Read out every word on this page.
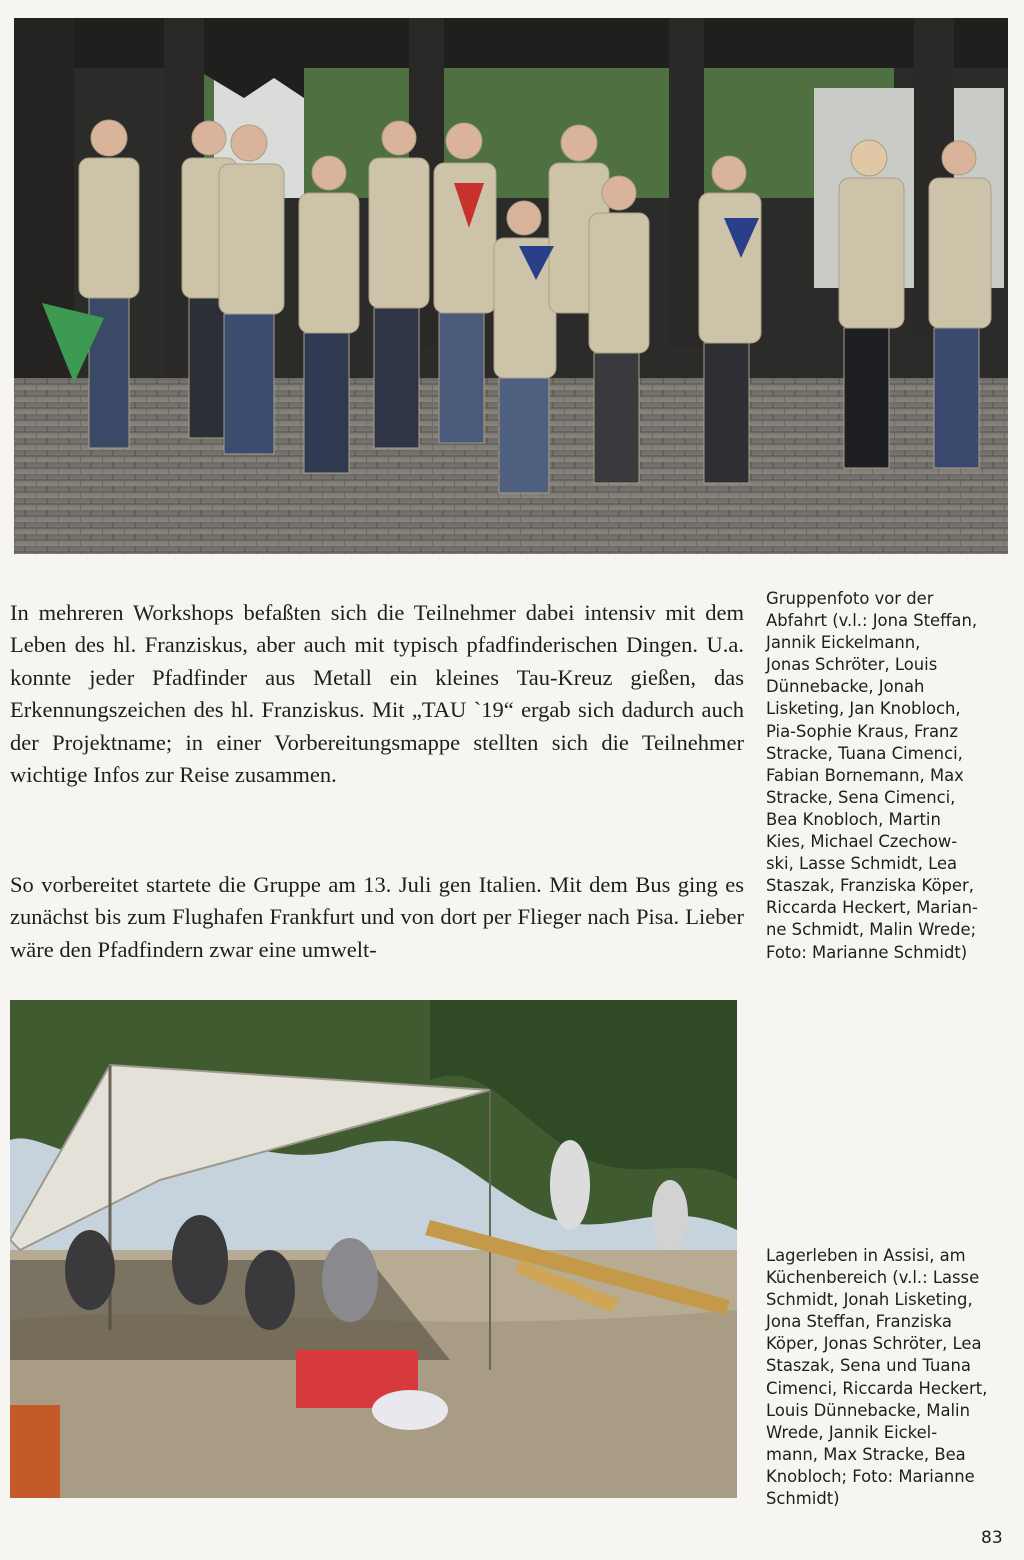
In mehreren Workshops befaßten sich die Teilnehmer dabei intensiv mit dem Leben des hl. Franziskus, aber auch mit typisch pfadfinderischen Dingen. U.a. konnte jeder Pfadfinder aus Metall ein kleines Tau-Kreuz gießen, das Erkennungszeichen des hl. Franziskus. Mit „TAU `19“ ergab sich dadurch auch der Projektname; in einer Vorbereitungsmappe stellten sich die Teilnehmer wichtige Infos zur Reise zusammen.

So vorbereitet startete die Gruppe am 13. Juli gen Italien. Mit dem Bus ging es zunächst bis zum Flughafen Frankfurt und von dort per Flieger nach Pisa. Lieber wäre den Pfadfindern zwar eine umwelt-

Gruppenfoto vor der
Abfahrt (v.l.: Jona Steffan,
Jannik Eickelmann,
Jonas Schröter, Louis
Dünnebacke, Jonah
Lisketing, Jan Knobloch,
Pia-Sophie Kraus, Franz
Stracke, Tuana Cimenci,
Fabian Bornemann, Max
Stracke, Sena Cimenci,
Bea Knobloch, Martin
Kies, Michael Czechow-
ski, Lasse Schmidt, Lea
Staszak, Franziska Köper,
Riccarda Heckert, Marian-
ne Schmidt, Malin Wrede;
Foto: Marianne Schmidt)

Lagerleben in Assisi, am
Küchenbereich (v.l.: Lasse
Schmidt, Jonah Lisketing,
Jona Steffan, Franziska
Köper, Jonas Schröter, Lea
Staszak, Sena und Tuana
Cimenci, Riccarda Heckert,
Louis Dünnebacke, Malin
Wrede, Jannik Eickel-
mann, Max Stracke, Bea
Knobloch; Foto: Marianne
Schmidt)

83
